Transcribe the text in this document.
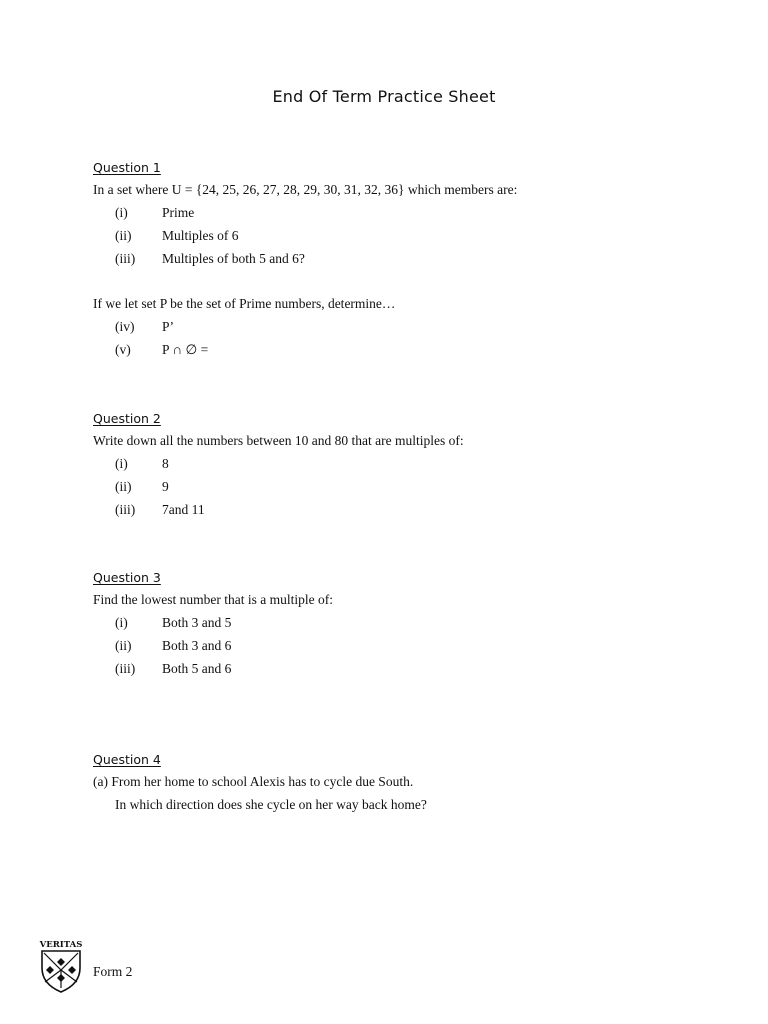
End Of Term Practice Sheet
Question 1
In a set where U = {24, 25, 26, 27, 28, 29, 30, 31, 32, 36} which members are:
(i)	Prime
(ii) Multiples of 6
(iii) Multiples of both 5 and 6?
If we let set P be the set of Prime numbers, determine…
(iv) P’
(v) P ∩ ∅ =
Question 2
Write down all the numbers between 10 and 80 that are multiples of:
(i)	8
(ii) 9
(iii) 7and 11
Question 3
Find the lowest number that is a multiple of:
(i)	Both 3 and 5
(ii) Both 3 and 6
(iii) Both 5 and 6
Question 4
(a) From her home to school Alexis has to cycle due South.
In which direction does she cycle on her way back home?
VERITAS
Form 2
